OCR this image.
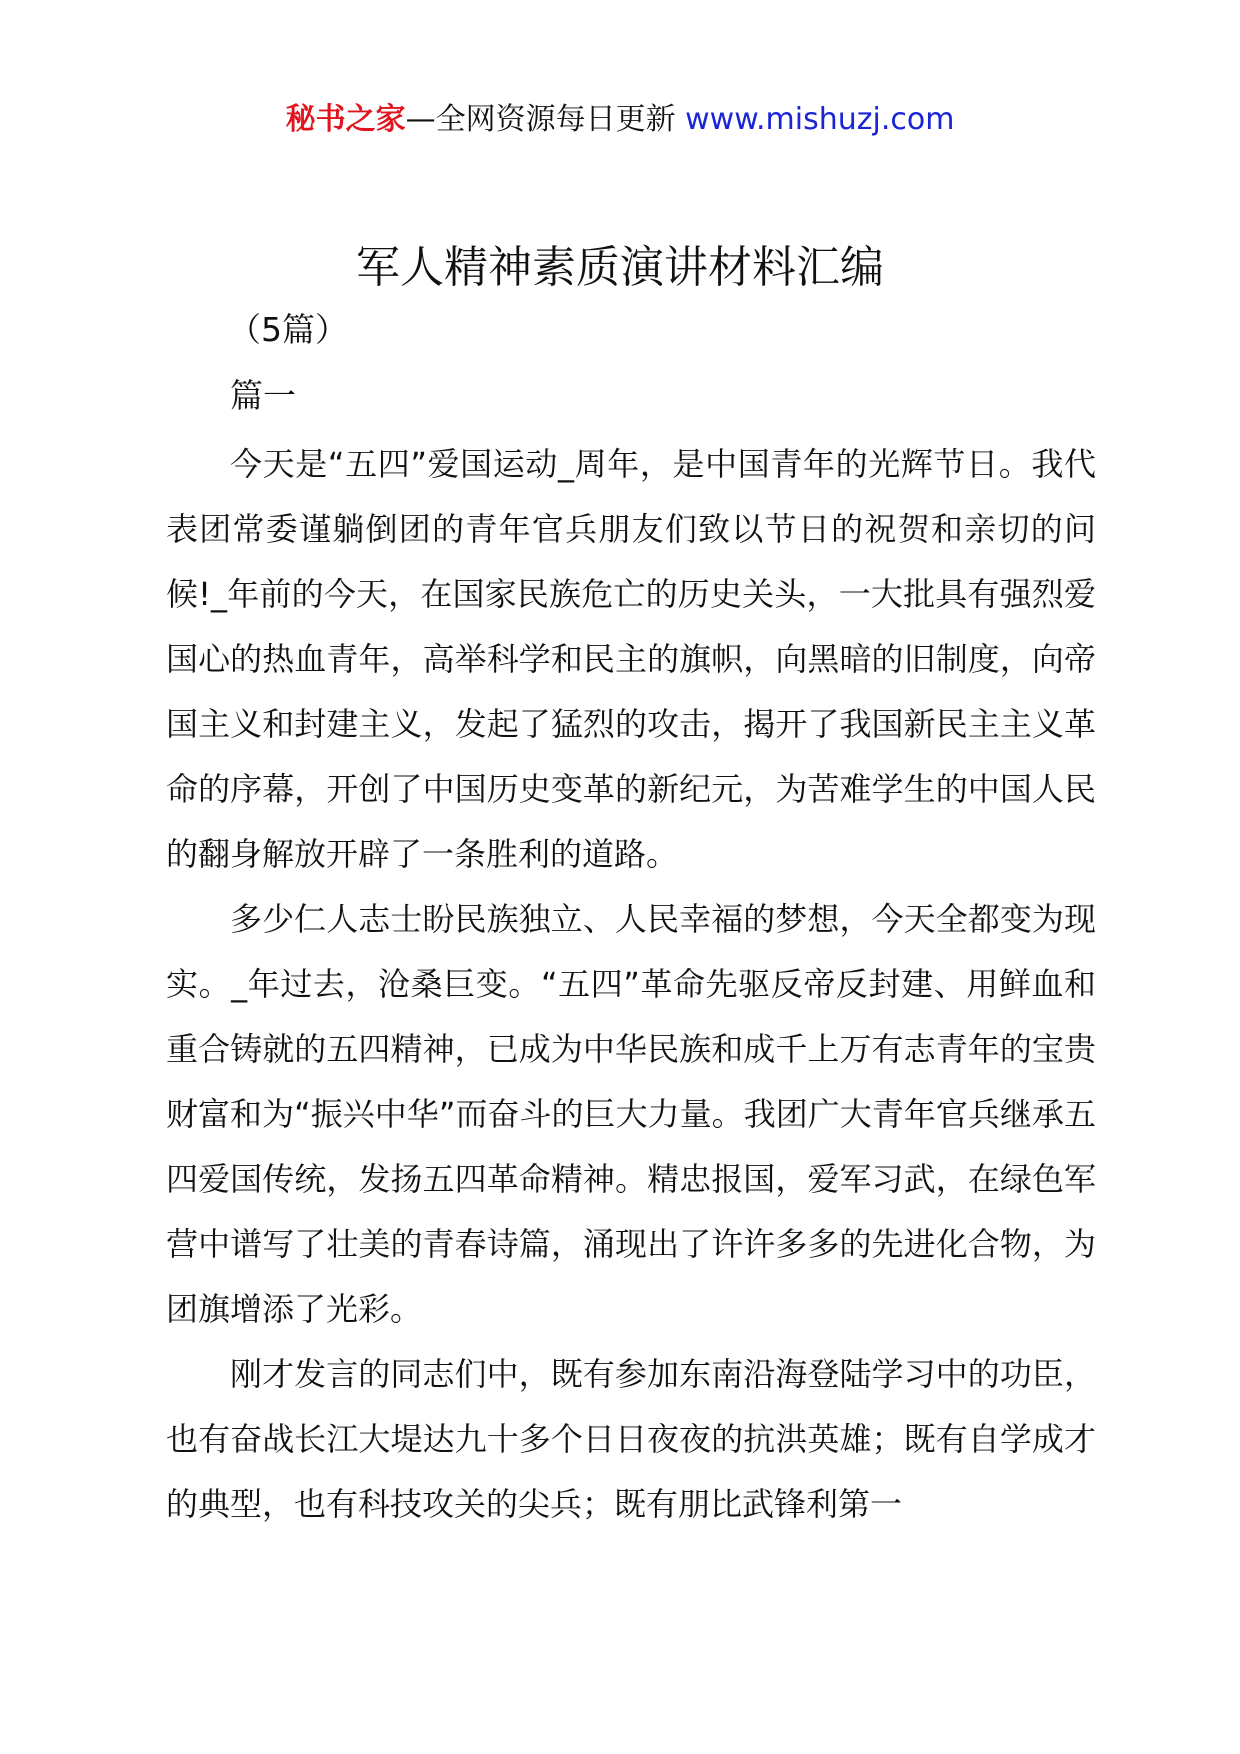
秘书之家—全网资源每日更新 www.mishuzj.com
军人精神素质演讲材料汇编
（5篇）
篇一

今天是“五四”爱国运动_周年，是中国青年的光辉节日。我代表团常委谨躺倒团的青年官兵朋友们致以节日的祝贺和亲切的问候!_年前的今天，在国家民族危亡的历史关头，一大批具有强烈爱国心的热血青年，高举科学和民主的旗帜，向黑暗的旧制度，向帝国主义和封建主义，发起了猛烈的攻击，揭开了我国新民主主义革命的序幕，开创了中国历史变革的新纪元，为苦难学生的中国人民的翻身解放开辟了一条胜利的道路。

多少仁人志士盼民族独立、人民幸福的梦想，今天全都变为现实。_年过去，沧桑巨变。“五四”革命先驱反帝反封建、用鲜血和重合铸就的五四精神，已成为中华民族和成千上万有志青年的宝贵财富和为“振兴中华”而奋斗的巨大力量。我团广大青年官兵继承五四爱国传统，发扬五四革命精神。精忠报国，爱军习武，在绿色军营中谱写了壮美的青春诗篇，涌现出了许许多多的先进化合物，为团旗增添了光彩。

刚才发言的同志们中，既有参加东南沿海登陆学习中的功臣，也有奋战长江大堤达九十多个日日夜夜的抗洪英雄；既有自学成才的典型，也有科技攻关的尖兵；既有朋比武锋利第一
